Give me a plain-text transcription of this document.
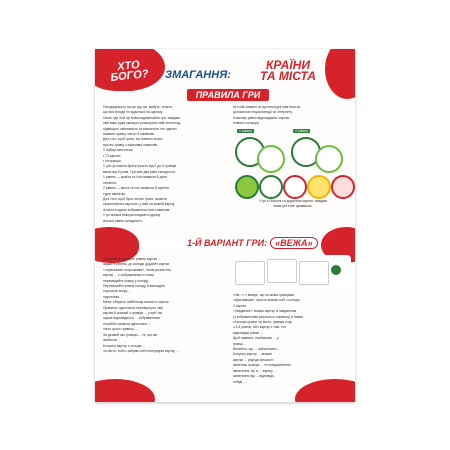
ХТО
БОГО? ЗМАГАННЯ:
КРАЇНИ
ТА МІСТА
ПРАВИЛА ГРИ
Погоджуємося на цю гру, ви, мабуть, знаєте,
що всіх всюди не вдасться на одному.
Свою гру! Але це нова надзвичайна гра, завдяки
якій ваші рідні зможуть розширити свій світогляд,
підвищить кмітливість та визначити хто здатен
назвати країну, місто із символів.
Для того, щоб грати, ви повинні знати
про всі гравці з картками символів,
У наборі містяться:
• 72 картки;
• інструкція.
У цій грі можна брати участь від 2 до 6 гравців
віком від 5 років. Гра має два рівні складності:
1 рівень — країни та їхні символи й дати
питання;
2 рівень — міста та їхні символи й архітек-
турні пам'ятки.
Для того, щоб було легше грати, можете
скористатися карткою, у якій на кожній картці
зі міста подано зображення їхніх символів.
У грі можна використовувати одразу
кількох рівнів складності.
як їхній символ чи архітектурні пам'ятки за
допомогою енциклопедії чи інтернету.
Кожному рівню відповідають картки
певного кольору.
1 рівень	2 рівень
У грі є бонусні та додаткові картки, завдяки
яким гра стає цікавішою.
1-Й ВАРІАНТ ГРИ: «ВЕЖА»
Підготовка: виберіть рівень картки ...
задайте рівень, до колоди додайте картки
з червоними «сорочками», потім розмістіть
картки ... з зображенням столиці
переміщайте кожну у колоду.
Перемішайте кожну колоду й викладіть
сорочкою вгору ...
підготовка ...
Мета: обирати найбільшу кількість карток.
Правила: одночасно перевернуть свої
картки й кожний з гравців ... у цей час
шукає відповідність ... зображенням
потрібно назвати одночасно ...
після цього гравець ...
За деякий час гравцю ... те, що він
знайшов ...
Бонусну картку з колоди ...
чи місто, тобто забрав собі попередню картку ...
«Ум...» » вказує, що за всіма гравцями
«Щасливчик»: просто візьми собі з колоди
2 картки.
«Завдання»: візьми картку із завданням
(з зображенням реального символу) й назви
столицю країни чи місто, гравцю слід
з 3-4 рівень, або картку з тим, хто
відповідає рівню ...
Щоб назвати, позбавляю ... у
гравці ...
Впевніть, що ... зобов'язано ...
Бонусну картку ... візьми
картки ... раунди кількості
запитань гравцю ... та повідомлення
запитання, як, в ... картку ...
запитання від ... відповідь,
побіді ...
